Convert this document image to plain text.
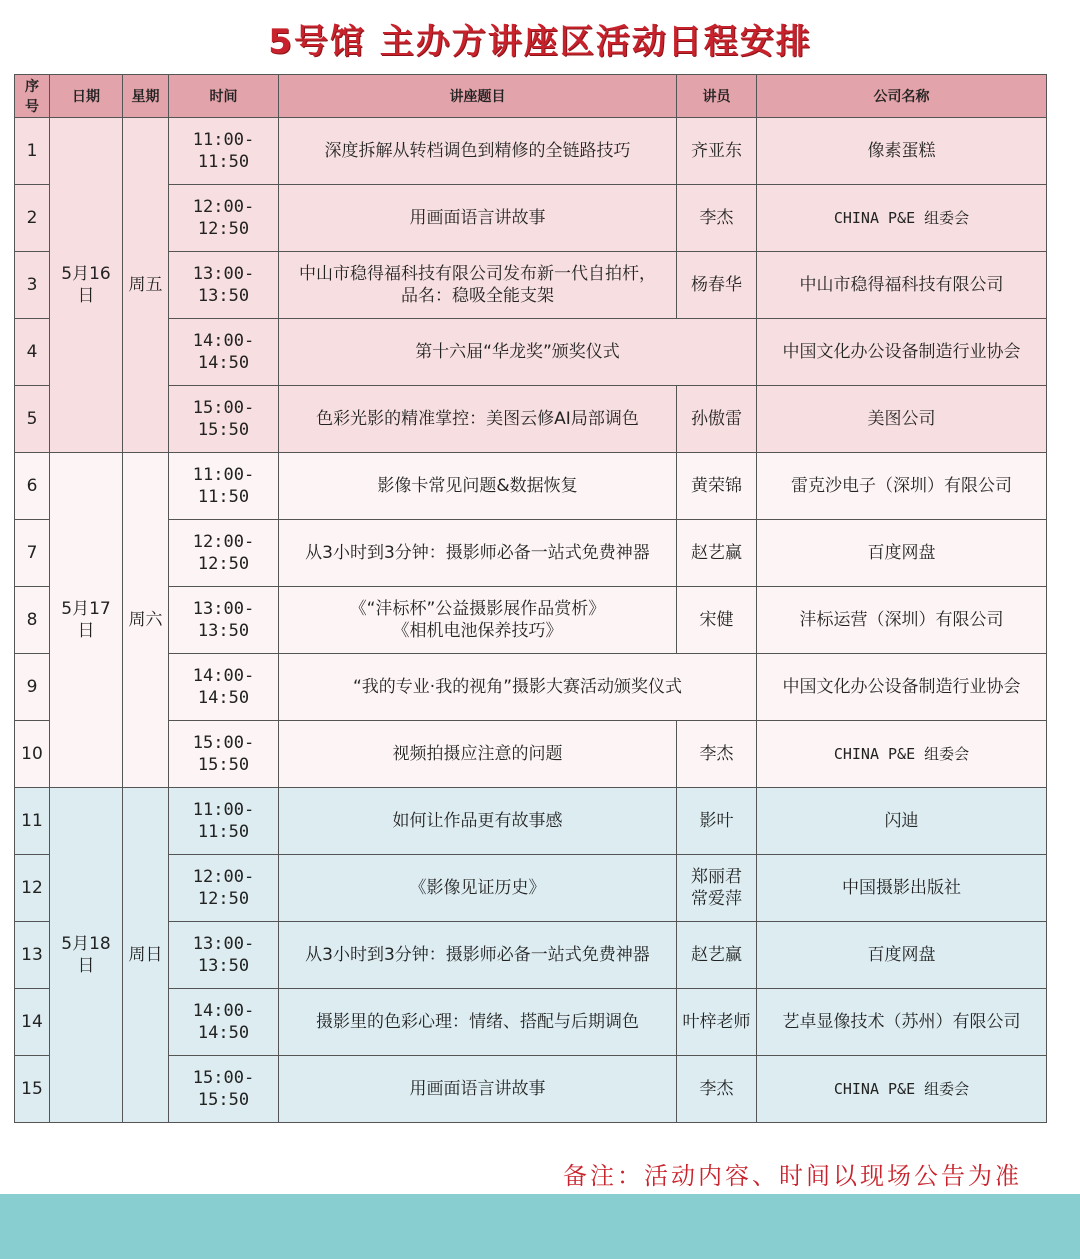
5号馆 主办方讲座区活动日程安排
序号	日期	星期	时间	讲座题目	讲员	公司名称
1	5月16日	周五	11:00-11:50	深度拆解从转档调色到精修的全链路技巧	齐亚东	像素蛋糕
2			12:00-12:50	用画面语言讲故事	李杰	CHINA P&E 组委会
3			13:00-13:50	中山市稳得福科技有限公司发布新一代自拍杆，
品名：稳吸全能支架	杨春华	中山市稳得福科技有限公司
4			14:00-14:50	第十六届“华龙奖”颁奖仪式		中国文化办公设备制造行业协会
5			15:00-15:50	色彩光影的精准掌控：美图云修AI局部调色	孙傲雷	美图公司
6	5月17日	周六	11:00-11:50	影像卡常见问题&数据恢复	黄荣锦	雷克沙电子（深圳）有限公司
7			12:00-12:50	从3小时到3分钟：摄影师必备一站式免费神器	赵艺赢	百度网盘
8			13:00-13:50	《“沣标杯”公益摄影展作品赏析》
《相机电池保养技巧》	宋健	沣标运营（深圳）有限公司
9			14:00-14:50	“我的专业·我的视角”摄影大赛活动颁奖仪式		中国文化办公设备制造行业协会
10			15:00-15:50	视频拍摄应注意的问题	李杰	CHINA P&E 组委会
11	5月18日	周日	11:00-11:50	如何让作品更有故事感	影叶	闪迪
12			12:00-12:50	《影像见证历史》	郑丽君
常爱萍	中国摄影出版社
13			13:00-13:50	从3小时到3分钟：摄影师必备一站式免费神器	赵艺赢	百度网盘
14			14:00-14:50	摄影里的色彩心理：情绪、搭配与后期调色	叶梓老师	艺卓显像技术（苏州）有限公司
15			15:00-15:50	用画面语言讲故事	李杰	CHINA P&E 组委会
备注：活动内容、时间以现场公告为准
